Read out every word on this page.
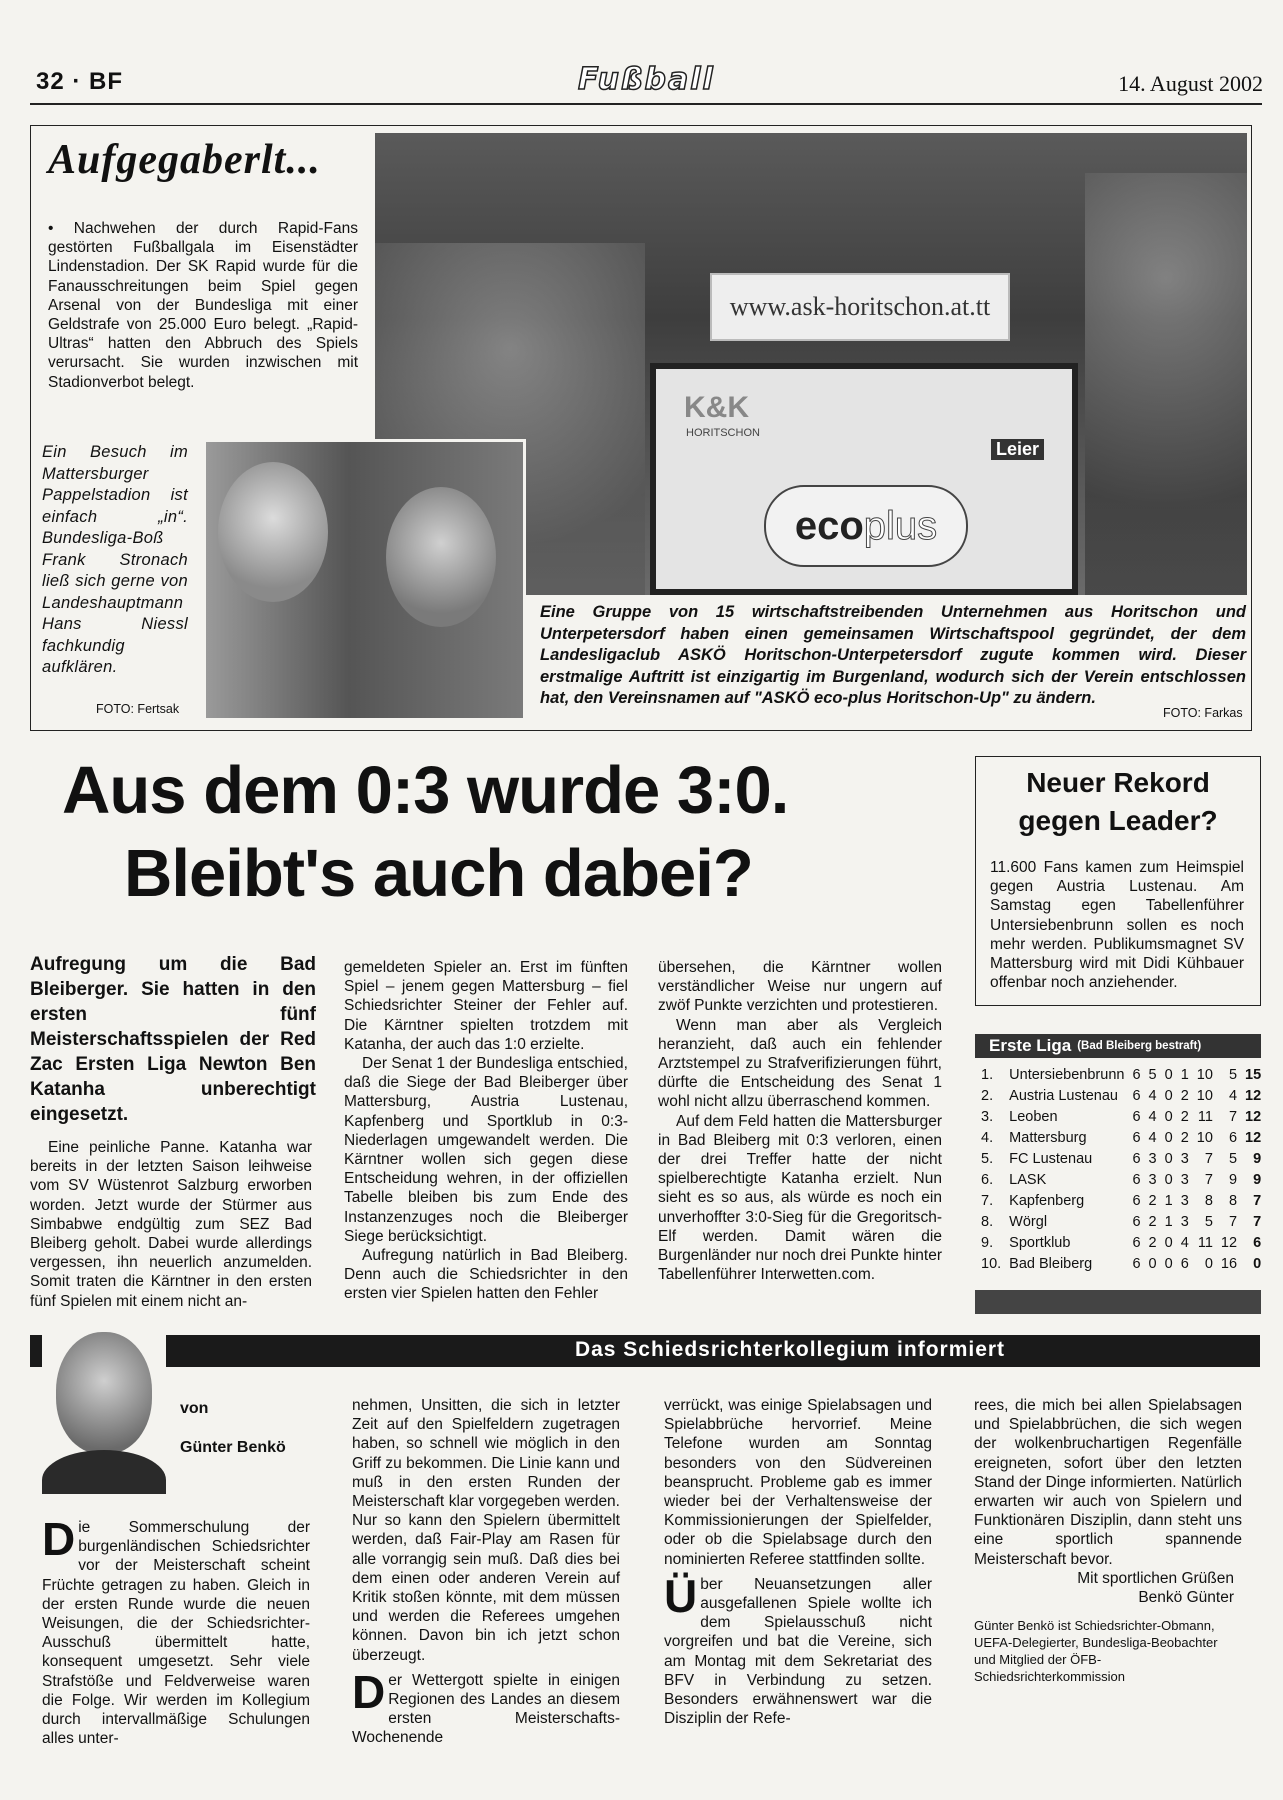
32 · BF	Fußball	14. August 2002
Aufgegaberlt...
• Nachwehen der durch Rapid-Fans gestörten Fußballgala im Eisenstädter Lindenstadion. Der SK Rapid wurde für die Fanausschreitungen beim Spiel gegen Arsenal von der Bundesliga mit einer Geldstrafe von 25.000 Euro belegt. „Rapid-Ultras“ hatten den Abbruch des Spiels verursacht. Sie wurden inzwischen mit Stadionverbot belegt.
www.ask-horitschon.at.tt
K&K
HORITSCHON
Leier
eco plus
Ein Besuch im Mattersburger Pappelstadion ist einfach „in“. Bundesliga-Boß Frank Stronach ließ sich gerne von Landeshauptmann Hans Niessl fachkundig aufklären.
FOTO: Fertsak
Eine Gruppe von 15 wirtschaftstreibenden Unternehmen aus Horitschon und Unterpetersdorf haben einen gemeinsamen Wirtschaftspool gegründet, der dem Landesligaclub ASKÖ Horitschon-Unterpetersdorf zugute kommen wird. Dieser erstmalige Auftritt ist einzigartig im Burgenland, wodurch sich der Verein entschlossen hat, den Vereinsnamen auf "ASKÖ eco-plus Horitschon-Up" zu ändern.
FOTO: Farkas
Aus dem 0:3 wurde 3:0.
Bleibt's auch dabei?
Aufregung um die Bad Bleiberger. Sie hatten in den ersten fünf Meisterschaftsspielen der Red Zac Ersten Liga Newton Ben Katanha unberechtigt eingesetzt.
Eine peinliche Panne. Katanha war bereits in der letzten Saison leihweise vom SV Wüstenrot Salzburg erworben worden. Jetzt wurde der Stürmer aus Simbabwe endgültig zum SEZ Bad Bleiberg geholt. Dabei wurde allerdings vergessen, ihn neuerlich anzumelden. Somit traten die Kärntner in den ersten fünf Spielen mit einem nicht an-

gemeldeten Spieler an. Erst im fünften Spiel – jenem gegen Mattersburg – fiel Schiedsrichter Steiner der Fehler auf. Die Kärntner spielten trotzdem mit Katanha, der auch das 1:0 erzielte.

Der Senat 1 der Bundesliga entschied, daß die Siege der Bad Bleiberger über Mattersburg, Austria Lustenau, Kapfenberg und Sportklub in 0:3-Niederlagen umgewandelt werden. Die Kärntner wollen sich gegen diese Entscheidung wehren, in der offiziellen Tabelle bleiben bis zum Ende des Instanzenzuges noch die Bleiberger Siege berücksichtigt.

Aufregung natürlich in Bad Bleiberg. Denn auch die Schiedsrichter in den ersten vier Spielen hatten den Fehler

übersehen, die Kärntner wollen verständlicher Weise nur ungern auf zwöf Punkte verzichten und protestieren.

Wenn man aber als Vergleich heranzieht, daß auch ein fehlender Arztstempel zu Strafverifizierungen führt, dürfte die Entscheidung des Senat 1 wohl nicht allzu überraschend kommen.

Auf dem Feld hatten die Mattersburger in Bad Bleiberg mit 0:3 verloren, einen der drei Treffer hatte der nicht spielberechtigte Katanha erzielt. Nun sieht es so aus, als würde es noch ein unverhoffter 3:0-Sieg für die Gregoritsch-Elf werden. Damit wären die Burgenländer nur noch drei Punkte hinter Tabellenführer Interwetten.com.

Neuer Rekord
gegen Leader?
11.600 Fans kamen zum Heimspiel gegen Austria Lustenau. Am Samstag egen Tabellenführer Untersiebenbrunn sollen es noch mehr werden. Publikumsmagnet SV Mattersburg wird mit Didi Kühbauer offenbar noch anziehender.
Erste Liga (Bad Bleiberg bestraft)
1.	Untersiebenbrunn	6	5	0	1	10	5	15
2.	Austria Lustenau	6	4	0	2	10	4	12
3.	Leoben	6	4	0	2	11	7	12
4.	Mattersburg	6	4	0	2	10	6	12
5.	FC Lustenau	6	3	0	3	7	5	9
6.	LASK	6	3	0	3	7	9	9
7.	Kapfenberg	6	2	1	3	8	8	7
8.	Wörgl	6	2	1	3	5	7	7
9.	Sportklub	6	2	0	4	11	12	6
10.	Bad Bleiberg	6	0	0	6	0	16	0
Das Schiedsrichterkollegium informiert
von
Günter Benkö
Die Sommerschulung der burgenländischen Schiedsrichter vor der Meisterschaft scheint Früchte getragen zu haben. Gleich in der ersten Runde wurde die neuen Weisungen, die der Schiedsrichter-Ausschuß übermittelt hatte, konsequent umgesetzt. Sehr viele Strafstöße und Feldverweise waren die Folge. Wir werden im Kollegium durch intervallmäßige Schulungen alles unter-

nehmen, Unsitten, die sich in letzter Zeit auf den Spielfeldern zugetragen haben, so schnell wie möglich in den Griff zu bekommen. Die Linie kann und muß in den ersten Runden der Meisterschaft klar vorgegeben werden. Nur so kann den Spielern übermittelt werden, daß Fair-Play am Rasen für alle vorrangig sein muß. Daß dies bei dem einen oder anderen Verein auf Kritik stoßen könnte, mit dem müssen und werden die Referees umgehen können. Davon bin ich jetzt schon überzeugt.

Der Wettergott spielte in einigen Regionen des Landes an diesem ersten Meisterschafts-Wochenende

verrückt, was einige Spielabsagen und Spielabbrüche hervorrief. Meine Telefone wurden am Sonntag besonders von den Südvereinen beansprucht. Probleme gab es immer wieder bei der Verhaltensweise der Kommissionierungen der Spielfelder, oder ob die Spielabsage durch den nominierten Referee stattfinden sollte.

Über Neuansetzungen aller ausgefallenen Spiele wollte ich dem Spielausschuß nicht vorgreifen und bat die Vereine, sich am Montag mit dem Sekretariat des BFV in Verbindung zu setzen. Besonders erwähnenswert war die Disziplin der Refe-

rees, die mich bei allen Spielabsagen und Spielabbrüchen, die sich wegen der wolkenbruchartigen Regenfälle ereigneten, sofort über den letzten Stand der Dinge informierten. Natürlich erwarten wir auch von Spielern und Funktionären Disziplin, dann steht uns eine sportlich spannende Meisterschaft bevor.

Mit sportlichen Grüßen

Benkö Günter

Günter Benkö ist Schiedsrichter-Obmann, UEFA-Delegierter, Bundesliga-Beobachter und Mitglied der ÖFB-Schiedsrichterkommission
